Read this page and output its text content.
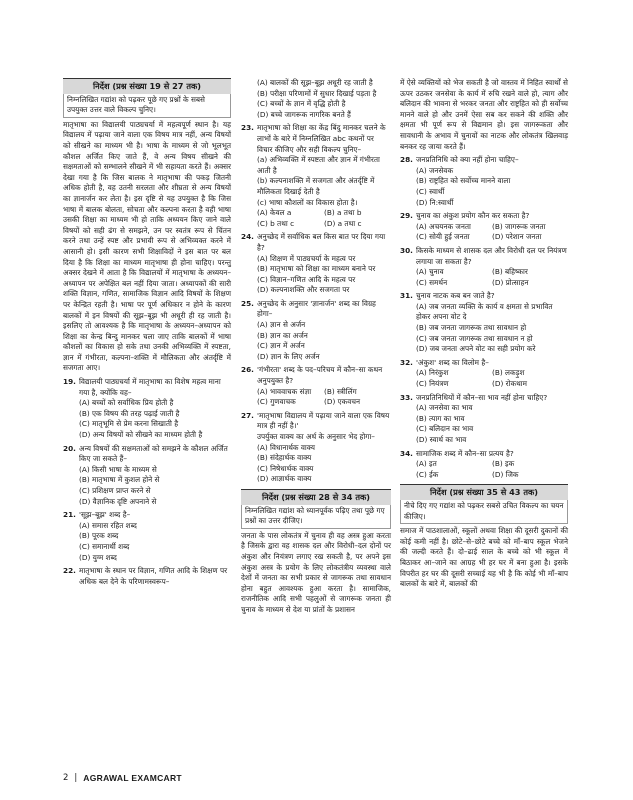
निर्देश (प्रश्न संख्या 19 से 27 तक)
निम्नलिखित गद्यांश को पढ़कर पूछे गए प्रश्नों के सबसे उपयुक्त उत्तर वाले विकल्प चुनिए।
मातृभाषा का विद्यालयी पाठ्यचर्या में महत्वपूर्ण स्थान है। यह विद्यालय में पढ़ाया जाने वाला एक विषय मात्र नहीं, अन्य विषयों को सीखने का माध्यम भी है। भाषा के माध्यम से जो भूलभूत कौशल अर्जित किए जाते हैं, वे अन्य विषय सीखने की सक्षमताओं को सम्भालने सीखने में भी सहायता करते हैं। अक्सर देखा गया है कि जिस बालक ने मातृभाषा की पकड़ जितनी अधिक होती है, वह उतनी सरलता और शीघ्रता से अन्य विषयों का ज्ञानार्जन कर लेता है। इस दृष्टि से यह उपयुक्त है कि जिस भाषा में बालक बोलता, सोचता और कल्पना करता है वही भाषा उसकी शिक्षा का माध्यम भी हो ताकि अध्ययन किए जाने वाले विषयों को सही ढंग से समझने, उन पर स्वतंत्र रूप से चिंतन करने तथा उन्हें स्पष्ट और प्रभावी रूप से अभिव्यक्त करने में आसानी हो। इसी कारण सभी शिक्षाविदों ने इस बात पर बल दिया है कि शिक्षा का माध्यम मातृभाषा ही होना चाहिए। परन्तु अक्सर देखने में आता है कि विद्यालयों में मातृभाषा के अध्ययन–अध्यापन पर अपेक्षित बल नहीं दिया जाता। अध्यापकों की सारी शक्ति विज्ञान, गणित, सामाजिक विज्ञान आदि विषयों के शिक्षण पर केन्द्रित रहती है। भाषा पर पूर्ण अधिकार न होने के कारण बालकों में इन विषयों की सूझ–बूझ भी अधूरी ही रह जाती है। इसलिए तो आवश्यक है कि मातृभाषा के अध्ययन–अध्यापन को शिक्षा का केन्द्र बिन्दु मानकर चला जाए ताकि बालकों में भाषा कौशलों का विकास हो सके तथा उनकी अभिव्यक्ति में स्पष्टता, ज्ञान में गंभीरता, कल्पना–शक्ति में मौलिकता और अंतर्दृष्टि में सजगता आए।
19. विद्यालयी पाठ्यचर्या में मातृभाषा का विशेष महत्व माना गया है, क्योंकि वह–
(A) बच्चों को सर्वाधिक प्रिय होती है
(B) एक विषय की तरह पढ़ाई जाती है
(C) मातृभूमि से प्रेम करना सिखाती है
(D) अन्य विषयों को सीखने का माध्यम होती है
20. अन्य विषयों की सक्षमताओं को समझने के कौशल अर्जित किए जा सकते हैं–
(A) किसी भाषा के माध्यम से
(B) मातृभाषा में कुशल होने से
(C) प्रशिक्षण प्राप्त करने से
(D) वैज्ञानिक दृष्टि अपनाने से
21. 'सूझ–बूझ' शब्द है–
(A) समास रहित शब्द
(B) पूरक शब्द
(C) समानार्थी शब्द
(D) युग्म शब्द
22. मातृभाषा के स्थान पर विज्ञान, गणित आदि के शिक्षण पर अधिक बल देने के परिणामस्वरूप–
(A) बालकों की सूझ–बूझ अधूरी रह जाती है
(B) परीक्षा परिणामों में सुधार दिखाई पड़ता है
(C) बच्चों के ज्ञान में वृद्धि होती है
(D) बच्चे जागरूक नागरिक बनते हैं
23. मातृभाषा को शिक्षा का केंद्र बिंदु मानकर चलने के लाभों के बारे में निम्नलिखित abc कथनों पर विचार कीजिए और सही विकल्प चुनिए–
(a) अभिव्यक्ति में स्पष्टता और ज्ञान में गंभीरता आती है
(b) कल्पनाशक्ति में सजगता और अंतर्दृष्टि में मौलिकता दिखाई देती है
(c) भाषा कौशलों का विकास होता है।
(A) केवल a	(B) a तथा b
(C) b तथा c	(D) a तथा c
24. अनुच्छेद में सर्वाधिक बल किस बात पर दिया गया है?
(A) शिक्षण में पाठ्यचर्या के महत्व पर
(B) मातृभाषा को शिक्षा का माध्यम बनाने पर
(C) विज्ञान–गणित आदि के महत्व पर
(D) कल्पनाशक्ति और सजगता पर
25. अनुच्छेद के अनुसार 'ज्ञानार्जन' शब्द का विग्रह होगा–
(A) ज्ञान से अर्जन
(B) ज्ञान का अर्जन
(C) ज्ञान में अर्जन
(D) ज्ञान के लिए अर्जन
26. 'गंभीरता' शब्द के पद–परिचय में कौन–सा कथन अनुपयुक्त है?
(A) भाववाचक संज्ञा	(B) स्त्रीलिंग
(C) गुणवाचक	(D) एकवचन
27. 'मातृभाषा विद्यालय में पढ़ाया जाने वाला एक विषय मात्र ही नहीं है।'
उपर्युक्त वाक्य का अर्थ के अनुसार भेद होगा–
(A) विधानार्थक वाक्य
(B) संदेहार्थक वाक्य
(C) निषेधार्थक वाक्य
(D) आज्ञार्थक वाक्य
निर्देश (प्रश्न संख्या 28 से 34 तक)
निम्नलिखित गद्यांश को ध्यानपूर्वक पढ़िए तथा पूछे गए प्रश्नों का उत्तर दीजिए।
जनता के पास लोकतंत्र में चुनाव ही वह अस्त्र हुआ करता है जिसके द्वारा वह शासक दल और विरोधी–दल दोनों पर अंकुश और नियंत्रण लगाए रख सकती है, पर अपने इस अंकुश अस्त्र के प्रयोग के लिए लोकतंत्रीय व्यवस्था वाले देशों में जनता का सभी प्रकार से जागरूक तथा सावधान होना बहुत आवश्यक हुआ करता है। सामाजिक, राजनीतिक आदि सभी पहलुओं से जागरूक जनता ही चुनाव के माध्यम से देश या प्रांतों के प्रशासन
में ऐसे व्यक्तियों को भेज सकती है जो वास्तव में निहित स्वार्थों से ऊपर उठकर जनसेवा के कार्य में रुचि रखने वाले हो, त्याग और बलिदान की भावना से भरकर जनता और राष्ट्रहित को ही सर्वोच्च मानने वाले हो और उनमें ऐसा सब कर सकने की शक्ति और क्षमता भी पूर्ण रूप से विद्यमान हो। इस जागरूकता और सावधानी के अभाव में चुनावों का नाटक और लोकतंत्र खिलवाड़ बनकर रह जाया करते हैं।
28. जनप्रतिनिधि को क्या नहीं होना चाहिए–
(A) जनसेवक
(B) राष्ट्रहित को सर्वोच्च मानने वाला
(C) स्वार्थी
(D) नि:स्वार्थी
29. चुनाव का अंकुश प्रयोग कौन कर सकता है?
(A) अचयनक जनता	(B) जागरूक जनता
(C) सोयी हुई जनता	(D) परेशान जनता
30. किसके माध्यम से शासक दल और विरोधी दल पर नियंत्रण लगाया जा सकता है?
(A) चुनाव	(B) बहिष्कार
(C) समर्थन	(D) प्रोत्साहन
31. चुनाव नाटक कब बन जाते है?
(A) जब जनता व्यक्ति के कार्य व क्षमता से प्रभावित होकर अपना वोट दे
(B) जब जनता जागरूक तथा सावधान हो
(C) जब जनता जागरूक तथा सावधान न हो
(D) जब जनता अपने वोट का सही प्रयोग करे
32. 'अंकुश' शब्द का विलोम है–
(A) निरंकुश	(B) लकड़ुश
(C) नियंत्रण	(D) रोकथाम
33. जनप्रतिनिधियों में कौन–सा भाव नहीं होना चाहिए?
(A) जनसेवा का भाव
(B) त्याग का भाव
(C) बलिदान का भाव
(D) स्वार्थ का भाव
34. सामाजिक शब्द में कौन–सा प्रत्यय है?
(A) इत	(B) इक
(C) ईक	(D) जिक
निर्देश (प्रश्न संख्या 35 से 43 तक)
नीचे दिए गए गद्यांश को पढ़कर सबसे उचित विकल्प का चयन कीजिए।
समाज में पाठशालाओं, स्कूलों अथवा शिक्षा की दूसरी दुकानों की कोई कमी नहीं है। छोटे–से–छोटे बच्चे को माँ–बाप स्कूल भेजने की जल्दी करते हैं। दो–ढाई साल के बच्चे को भी स्कूल में बिठाकर आ–जाने का आग्रह भी हर घर में बना हुआ है। इसके विपरीत हर घर की दूसरी सच्चाई यह भी है कि कोई भी माँ–बाप बालकों के बारे में, बालकों की
2 | AGRAWAL EXAMCART
